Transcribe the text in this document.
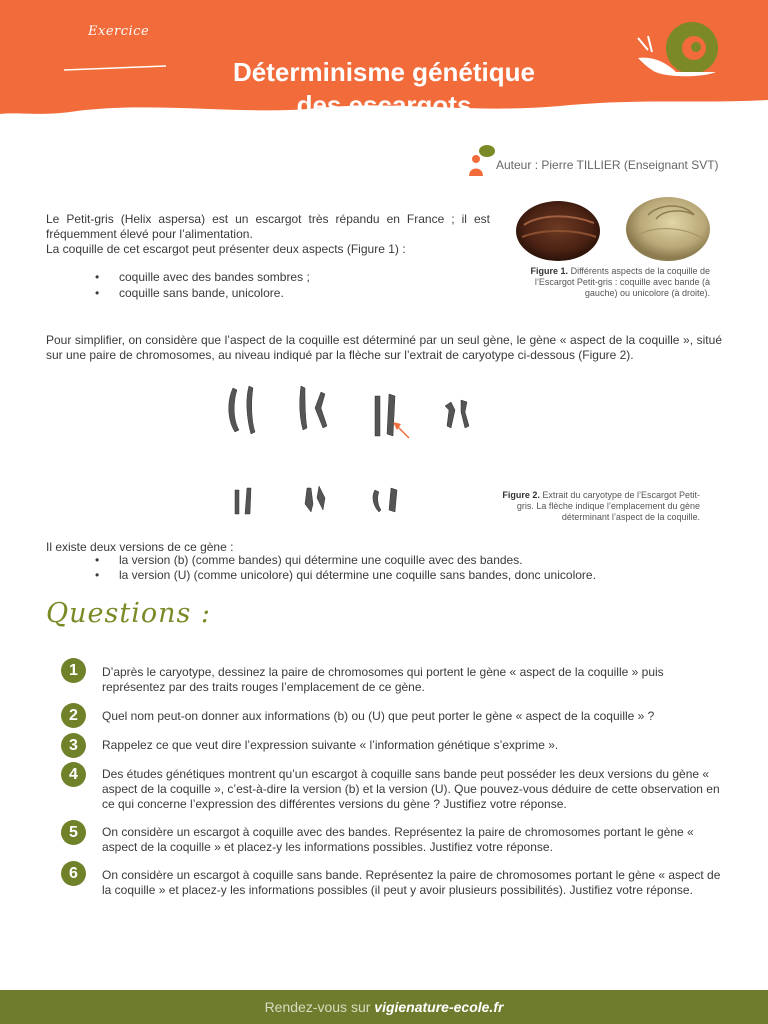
Exercice
Déterminisme génétique
des escargots
Auteur : Pierre TILLIER (Enseignant SVT)

Le Petit-gris (Helix aspersa) est un escargot très répandu en France ; il est fréquemment élevé pour l’alimentation.

La coquille de cet escargot peut présenter deux aspects (Figure 1) :

• coquille avec des bandes sombres ;
• coquille sans bande, unicolore.
Figure 1. Différents aspects de la coquille de l’Escargot Petit-gris : coquille avec bande (à gauche) ou unicolore (à droite).

Pour simplifier, on considère que l’aspect de la coquille est déterminé par un seul gène, le gène « aspect de la coquille », situé sur une paire de chromosomes, au niveau indiqué par la flèche sur l’extrait de caryotype ci-dessous (Figure 2).

Figure 2. Extrait du caryotype de l’Escargot Petit-gris. La flèche indique l’emplacement du gène déterminant l’aspect de la coquille.

Il existe deux versions de ce gène :

• la version (b) (comme bandes) qui détermine une coquille avec des bandes.
• la version (U) (comme unicolore) qui détermine une coquille sans bandes, donc unicolore.
Questions :
1	D’après le caryotype, dessinez la paire de chromosomes qui portent le gène « aspect de la coquille » puis représentez par des traits rouges l’emplacement de ce gène.

2	Quel nom peut-on donner aux informations (b) ou (U) que peut porter le gène « aspect de la coquille » ?

3	Rappelez ce que veut dire l’expression suivante « l’information génétique s’exprime ».

4	Des études génétiques montrent qu’un escargot à coquille sans bande peut posséder les deux versions du gène « aspect de la coquille », c’est-à-dire la version (b) et la version (U). Que pouvez-vous déduire de cette observation en ce qui concerne l’expression des différentes versions du gène ? Justifiez votre réponse.

5	On considère un escargot à coquille avec des bandes. Représentez la paire de chromosomes portant le gène « aspect de la coquille » et placez-y les informations possibles. Justifiez votre réponse.

6	On considère un escargot à coquille sans bande. Représentez la paire de chromosomes portant le gène « aspect de la coquille » et placez-y les informations possibles (il peut y avoir plusieurs possibilités). Justifiez votre réponse.

Rendez-vous sur vigienature-ecole.fr
